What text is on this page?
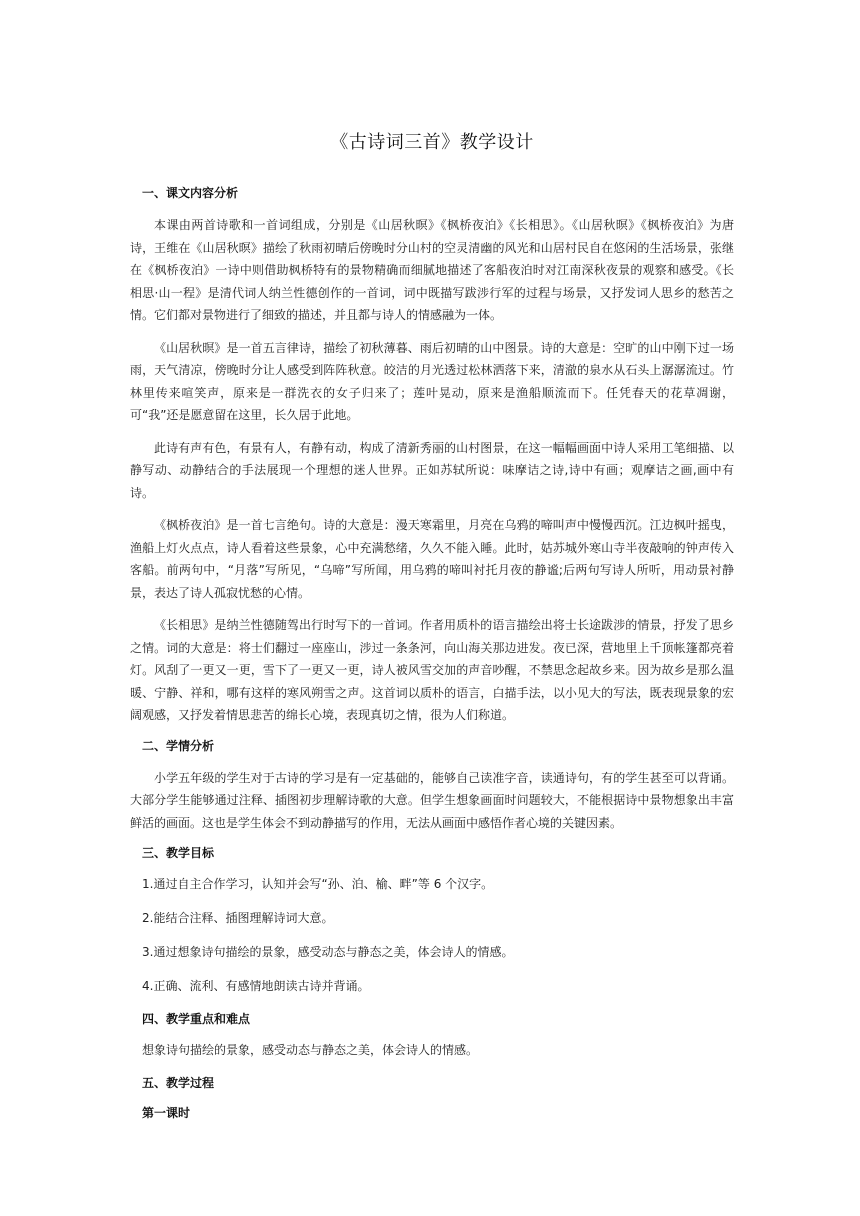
《古诗词三首》教学设计
一、课文内容分析

本课由两首诗歌和一首词组成，分别是《山居秋暝》《枫桥夜泊》《长相思》。《山居秋暝》《枫桥夜泊》为唐诗，王维在《山居秋暝》描绘了秋雨初晴后傍晚时分山村的空灵清幽的风光和山居村民自在悠闲的生活场景，张继在《枫桥夜泊》一诗中则借助枫桥特有的景物精确而细腻地描述了客船夜泊时对江南深秋夜景的观察和感受。《长相思·山一程》是清代词人纳兰性德创作的一首词，词中既描写跋涉行军的过程与场景，又抒发词人思乡的愁苦之情。它们都对景物进行了细致的描述，并且都与诗人的情感融为一体。

《山居秋暝》是一首五言律诗，描绘了初秋薄暮、雨后初晴的山中图景。诗的大意是：空旷的山中刚下过一场雨，天气清凉，傍晚时分让人感受到阵阵秋意。皎洁的月光透过松林洒落下来，清澈的泉水从石头上潺潺流过。竹林里传来喧笑声，原来是一群洗衣的女子归来了；莲叶晃动，原来是渔船顺流而下。任凭春天的花草凋谢，可“我”还是愿意留在这里，长久居于此地。

此诗有声有色，有景有人，有静有动，构成了清新秀丽的山村图景，在这一幅幅画面中诗人采用工笔细描、以静写动、动静结合的手法展现一个理想的迷人世界。正如苏轼所说：味摩诘之诗,诗中有画；观摩诘之画,画中有诗。

《枫桥夜泊》是一首七言绝句。诗的大意是：漫天寒霜里，月亮在乌鸦的啼叫声中慢慢西沉。江边枫叶摇曳，渔船上灯火点点，诗人看着这些景象，心中充满愁绪，久久不能入睡。此时，姑苏城外寒山寺半夜敲响的钟声传入客船。前两句中，“月落”写所见，“乌啼”写所闻，用乌鸦的啼叫衬托月夜的静谧;后两句写诗人所听，用动景衬静景，表达了诗人孤寂忧愁的心情。

《长相思》是纳兰性德随驾出行时写下的一首词。作者用质朴的语言描绘出将士长途跋涉的情景，抒发了思乡之情。词的大意是：将士们翻过一座座山，涉过一条条河，向山海关那边进发。夜已深，营地里上千顶帐篷都亮着灯。风刮了一更又一更，雪下了一更又一更，诗人被风雪交加的声音吵醒，不禁思念起故乡来。因为故乡是那么温暖、宁静、祥和，哪有这样的寒风朔雪之声。这首词以质朴的语言，白描手法，以小见大的写法，既表现景象的宏阔观感，又抒发着情思悲苦的绵长心境，表现真切之情，很为人们称道。

二、学情分析

小学五年级的学生对于古诗的学习是有一定基础的，能够自己读准字音，读通诗句，有的学生甚至可以背诵。大部分学生能够通过注释、插图初步理解诗歌的大意。但学生想象画面时问题较大，不能根据诗中景物想象出丰富鲜活的画面。这也是学生体会不到动静描写的作用，无法从画面中感悟作者心境的关键因素。

三、教学目标
1.通过自主合作学习，认知并会写“孙、泊、榆、畔”等 6 个汉字。
2.能结合注释、插图理解诗词大意。
3.通过想象诗句描绘的景象，感受动态与静态之美，体会诗人的情感。
4.正确、流利、有感情地朗读古诗并背诵。
四、教学重点和难点
想象诗句描绘的景象，感受动态与静态之美，体会诗人的情感。
五、教学过程
第一课时
